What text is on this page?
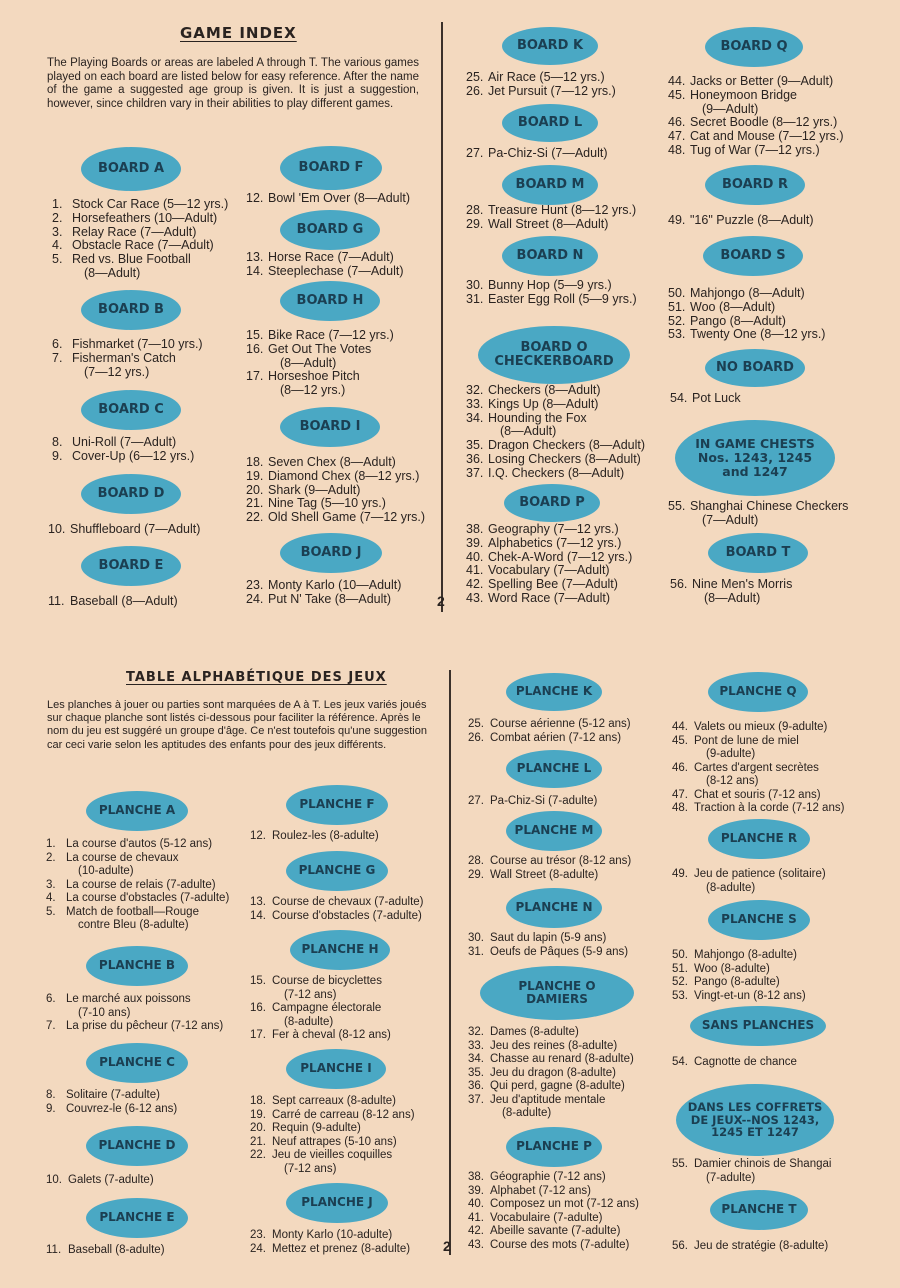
GAME INDEX
The Playing Boards or areas are labeled A through T. The various games played on each board are listed below for easy reference. After the name of the game a suggested age group is given. It is just a suggestion, however, since children vary in their abilities to play different games.
2
BOARD A
1. Stock Car Race (5—12 yrs.)
2. Horsefeathers (10—Adult)
3. Relay Race (7—Adult)
4. Obstacle Race (7—Adult)
5. Red vs. Blue Football
(8—Adult)
BOARD B
6. Fishmarket (7—10 yrs.)
7. Fisherman's Catch
(7—12 yrs.)
BOARD C
8. Uni-Roll (7—Adult)
9. Cover-Up (6—12 yrs.)
BOARD D
10. Shuffleboard (7—Adult)
BOARD E
11. Baseball (8—Adult)
BOARD F
12. Bowl 'Em Over (8—Adult)
BOARD G
13. Horse Race (7—Adult)
14. Steeplechase (7—Adult)
BOARD H
15. Bike Race (7—12 yrs.)
16. Get Out The Votes
(8—Adult)
17. Horseshoe Pitch
(8—12 yrs.)
BOARD I
18. Seven Chex (8—Adult)
19. Diamond Chex (8—12 yrs.)
20. Shark (9—Adult)
21. Nine Tag (5—10 yrs.)
22. Old Shell Game (7—12 yrs.)
BOARD J
23. Monty Karlo (10—Adult)
24. Put N' Take (8—Adult)
BOARD K
25. Air Race (5—12 yrs.)
26. Jet Pursuit (7—12 yrs.)
BOARD L
27. Pa-Chiz-Si (7—Adult)
BOARD M
28. Treasure Hunt (8—12 yrs.)
29. Wall Street (8—Adult)
BOARD N
30. Bunny Hop (5—9 yrs.)
31. Easter Egg Roll (5—9 yrs.)
BOARD O
CHECKERBOARD
32. Checkers (8—Adult)
33. Kings Up (8—Adult)
34. Hounding the Fox
(8—Adult)
35. Dragon Checkers (8—Adult)
36. Losing Checkers (8—Adult)
37. I.Q. Checkers (8—Adult)
BOARD P
38. Geography (7—12 yrs.)
39. Alphabetics (7—12 yrs.)
40. Chek-A-Word (7—12 yrs.)
41. Vocabulary (7—Adult)
42. Spelling Bee (7—Adult)
43. Word Race (7—Adult)
BOARD Q
44. Jacks or Better (9—Adult)
45. Honeymoon Bridge
(9—Adult)
46. Secret Boodle (8—12 yrs.)
47. Cat and Mouse (7—12 yrs.)
48. Tug of War (7—12 yrs.)
BOARD R
49. "16" Puzzle (8—Adult)
BOARD S
50. Mahjongo (8—Adult)
51. Woo (8—Adult)
52. Pango (8—Adult)
53. Twenty One (8—12 yrs.)
NO BOARD
54. Pot Luck
IN GAME CHESTS
Nos. 1243, 1245
and 1247
55. Shanghai Chinese Checkers
(7—Adult)
BOARD T
56. Nine Men's Morris
(8—Adult)
TABLE ALPHABÉTIQUE DES JEUX
Les planches à jouer ou parties sont marquées de A à T. Les jeux variés joués sur chaque planche sont listés ci-dessous pour faciliter la référence. Après le nom du jeu est suggéré un groupe d'âge. Ce n'est toutefois qu'une suggestion car ceci varie selon les aptitudes des enfants pour des jeux différents.
2
PLANCHE A
1. La course d'autos (5-12 ans)
2. La course de chevaux
(10-adulte)
3. La course de relais (7-adulte)
4. La course d'obstacles (7-adulte)
5. Match de football—Rouge
contre Bleu (8-adulte)
PLANCHE B
6. Le marché aux poissons
(7-10 ans)
7. La prise du pêcheur (7-12 ans)
PLANCHE C
8. Solitaire (7-adulte)
9. Couvrez-le (6-12 ans)
PLANCHE D
10. Galets (7-adulte)
PLANCHE E
11. Baseball (8-adulte)
PLANCHE F
12. Roulez-les (8-adulte)
PLANCHE G
13. Course de chevaux (7-adulte)
14. Course d'obstacles (7-adulte)
PLANCHE H
15. Course de bicyclettes
(7-12 ans)
16. Campagne électorale
(8-adulte)
17. Fer à cheval (8-12 ans)
PLANCHE I
18. Sept carreaux (8-adulte)
19. Carré de carreau (8-12 ans)
20. Requin (9-adulte)
21. Neuf attrapes (5-10 ans)
22. Jeu de vieilles coquilles
(7-12 ans)
PLANCHE J
23. Monty Karlo (10-adulte)
24. Mettez et prenez (8-adulte)
PLANCHE K
25. Course aérienne (5-12 ans)
26. Combat aérien (7-12 ans)
PLANCHE L
27. Pa-Chiz-Si (7-adulte)
PLANCHE M
28. Course au trésor (8-12 ans)
29. Wall Street (8-adulte)
PLANCHE N
30. Saut du lapin (5-9 ans)
31. Oeufs de Pâques (5-9 ans)
PLANCHE O
DAMIERS
32. Dames (8-adulte)
33. Jeu des reines (8-adulte)
34. Chasse au renard (8-adulte)
35. Jeu du dragon (8-adulte)
36. Qui perd, gagne (8-adulte)
37. Jeu d'aptitude mentale
(8-adulte)
PLANCHE P
38. Géographie (7-12 ans)
39. Alphabet (7-12 ans)
40. Composez un mot (7-12 ans)
41. Vocabulaire (7-adulte)
42. Abeille savante (7-adulte)
43. Course des mots (7-adulte)
PLANCHE Q
44. Valets ou mieux (9-adulte)
45. Pont de lune de miel
(9-adulte)
46. Cartes d'argent secrètes
(8-12 ans)
47. Chat et souris (7-12 ans)
48. Traction à la corde (7-12 ans)
PLANCHE R
49. Jeu de patience (solitaire)
(8-adulte)
PLANCHE S
50. Mahjongo (8-adulte)
51. Woo (8-adulte)
52. Pango (8-adulte)
53. Vingt-et-un (8-12 ans)
SANS PLANCHES
54. Cagnotte de chance
DANS LES COFFRETS
DE JEUX--NOS 1243,
1245 ET 1247
55. Damier chinois de Shangai
(7-adulte)
PLANCHE T
56. Jeu de stratégie (8-adulte)
